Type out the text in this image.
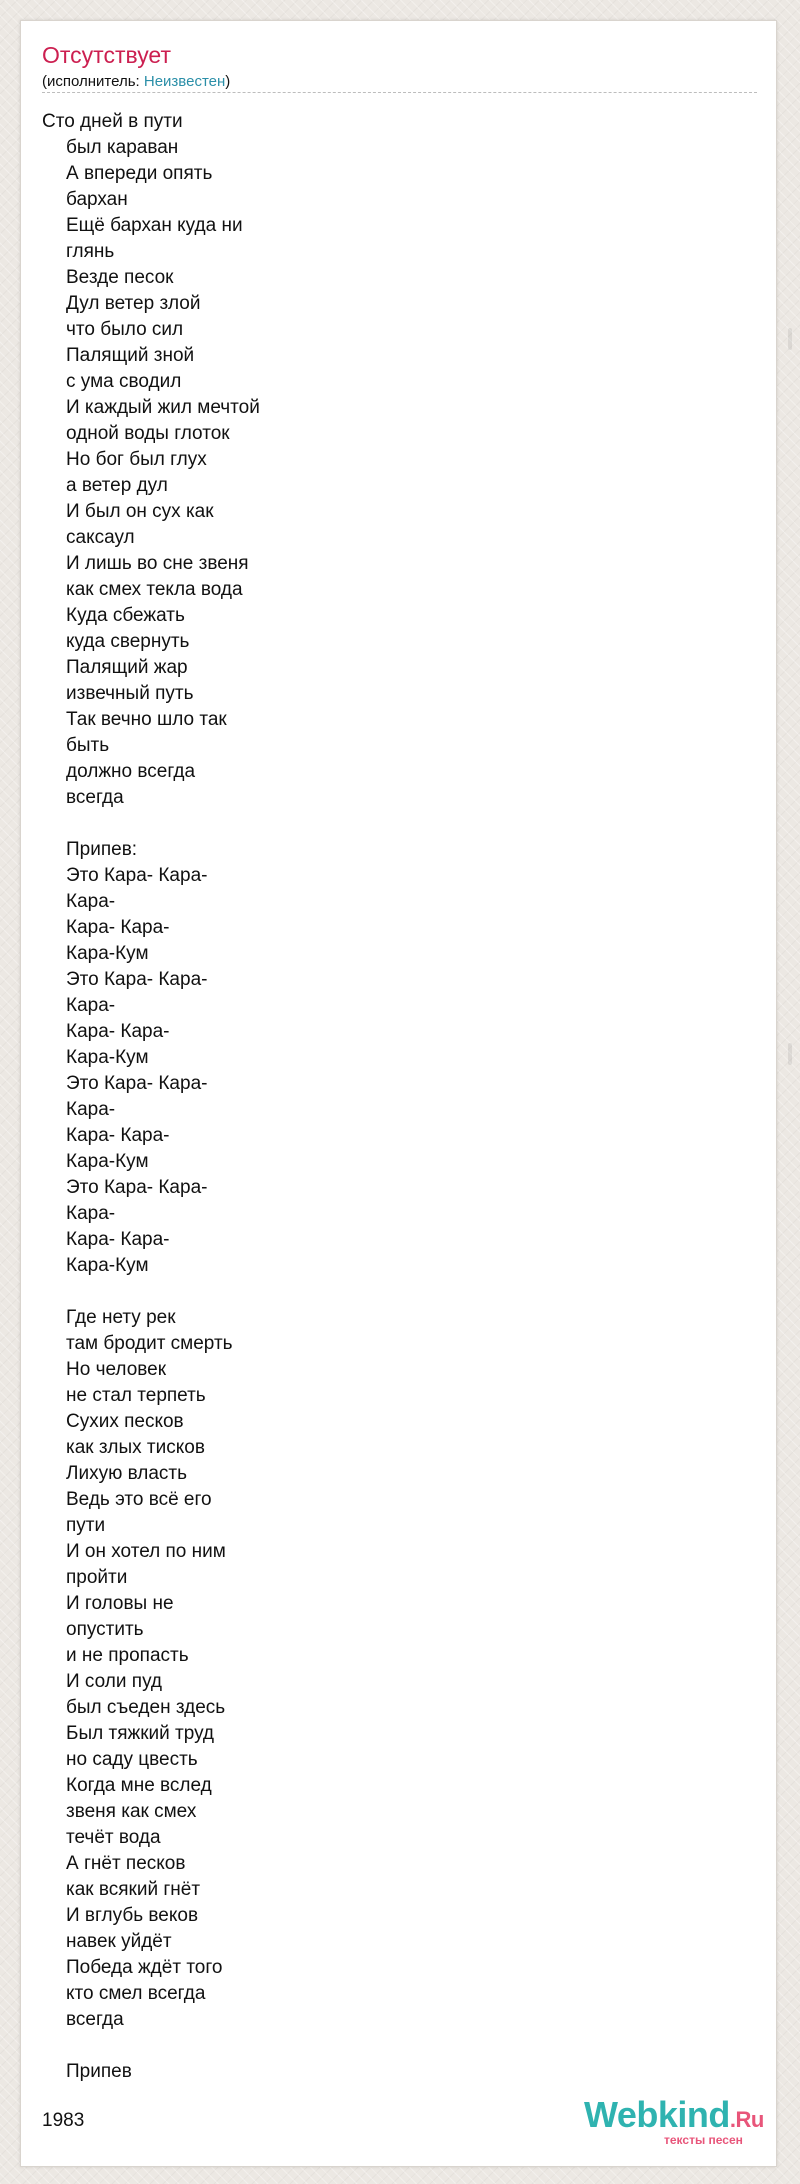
Отсутствует
(исполнитель: Неизвестен)
Сто дней в пути
был караван
А впереди опять
бархан
Ещё бархан куда ни
глянь
Везде песок
Дул ветер злой
что было сил
Палящий зной
с ума сводил
И каждый жил мечтой
одной воды глоток
Но бог был глух
а ветер дул
И был он сух как
саксаул
И лишь во сне звеня
как смех текла вода
Куда сбежать
куда свернуть
Палящий жар
извечный путь
Так вечно шло так
быть
должно всегда
всегда
Припев:
Это Кара- Кара-
Кара-
Кара- Кара-
Кара-Кум
Это Кара- Кара-
Кара-
Кара- Кара-
Кара-Кум
Это Кара- Кара-
Кара-
Кара- Кара-
Кара-Кум
Это Кара- Кара-
Кара-
Кара- Кара-
Кара-Кум
Где нету рек
там бродит смерть
Но человек
не стал терпеть
Сухих песков
как злых тисков
Лихую власть
Ведь это всё его
пути
И он хотел по ним
пройти
И головы не
опустить
и не пропасть
И соли пуд
был съеден здесь
Был тяжкий труд
но саду цвесть
Когда мне вслед
звеня как смех
течёт вода
А гнёт песков
как всякий гнёт
И вглубь веков
навек уйдёт
Победа ждёт того
кто смел всегда
всегда
Припев
1983	Webkind.Ru
тексты песен
